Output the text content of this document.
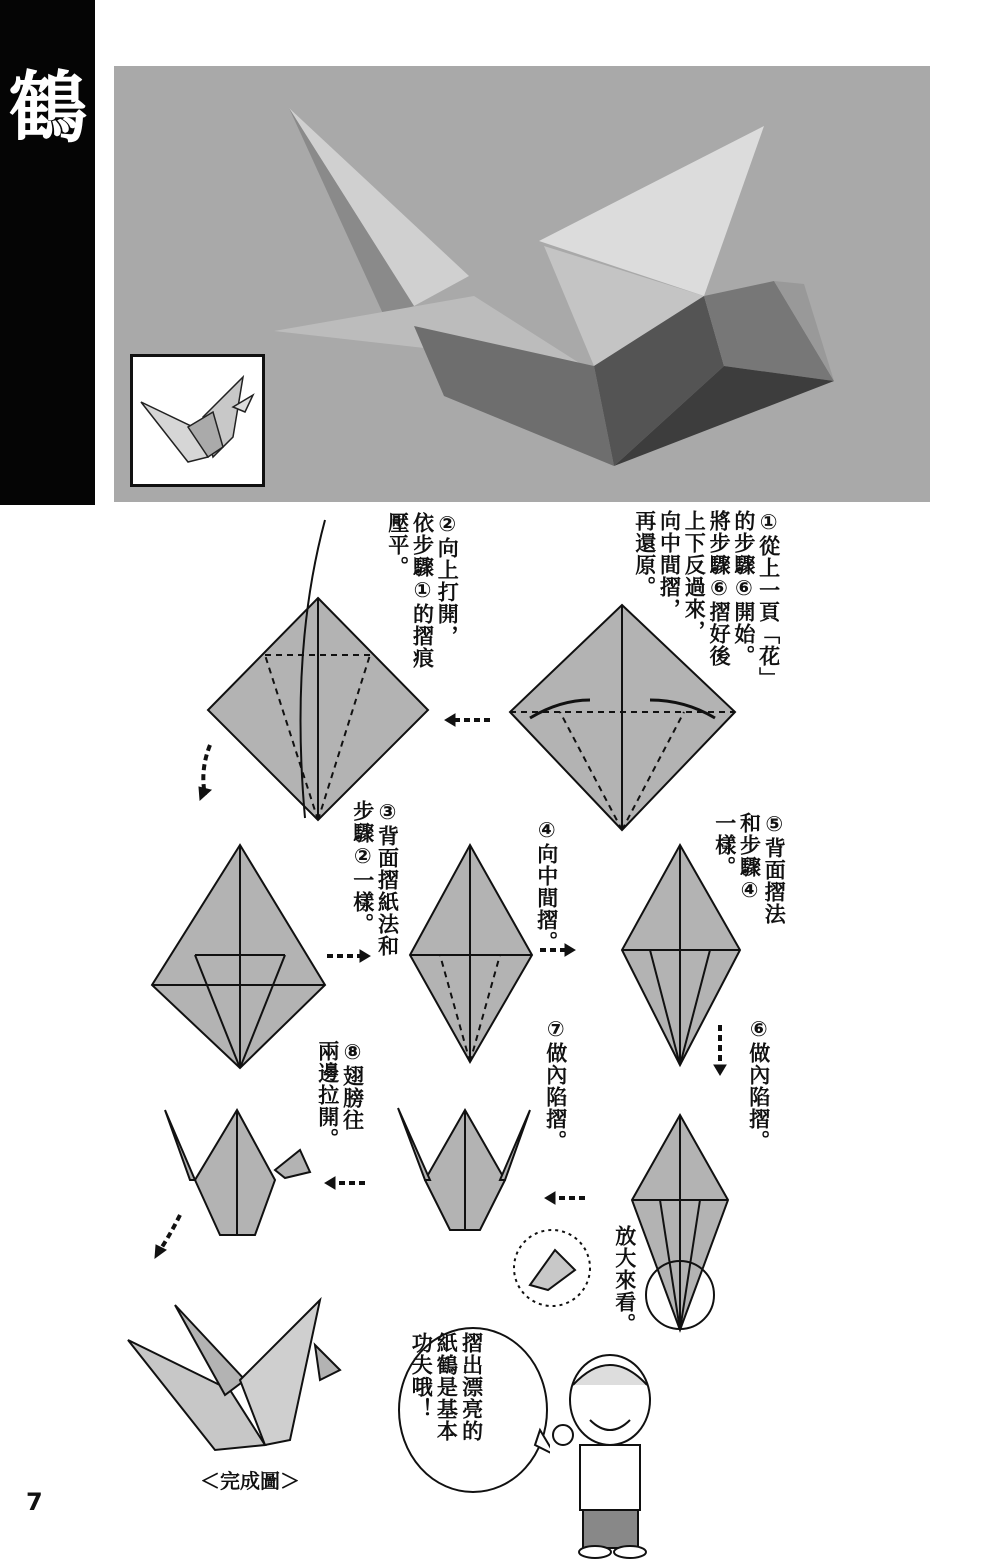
鶴
①從上一頁「花」
的步驟⑥開始。
將步驟⑥摺好後
上下反過來，
向中間摺，
再還原。
②向上打開，
依步驟①的摺痕
壓平。
③背面摺紙法和
步驟②一樣。	④向中間摺。	⑤背面摺法
和步驟④
一樣。
⑥做內陷摺。
⑦做內陷摺。
⑧翅膀往
兩邊拉開。
放大來看。
摺出漂亮的
紙鶴是基本
功夫哦！
＜完成圖＞
7
